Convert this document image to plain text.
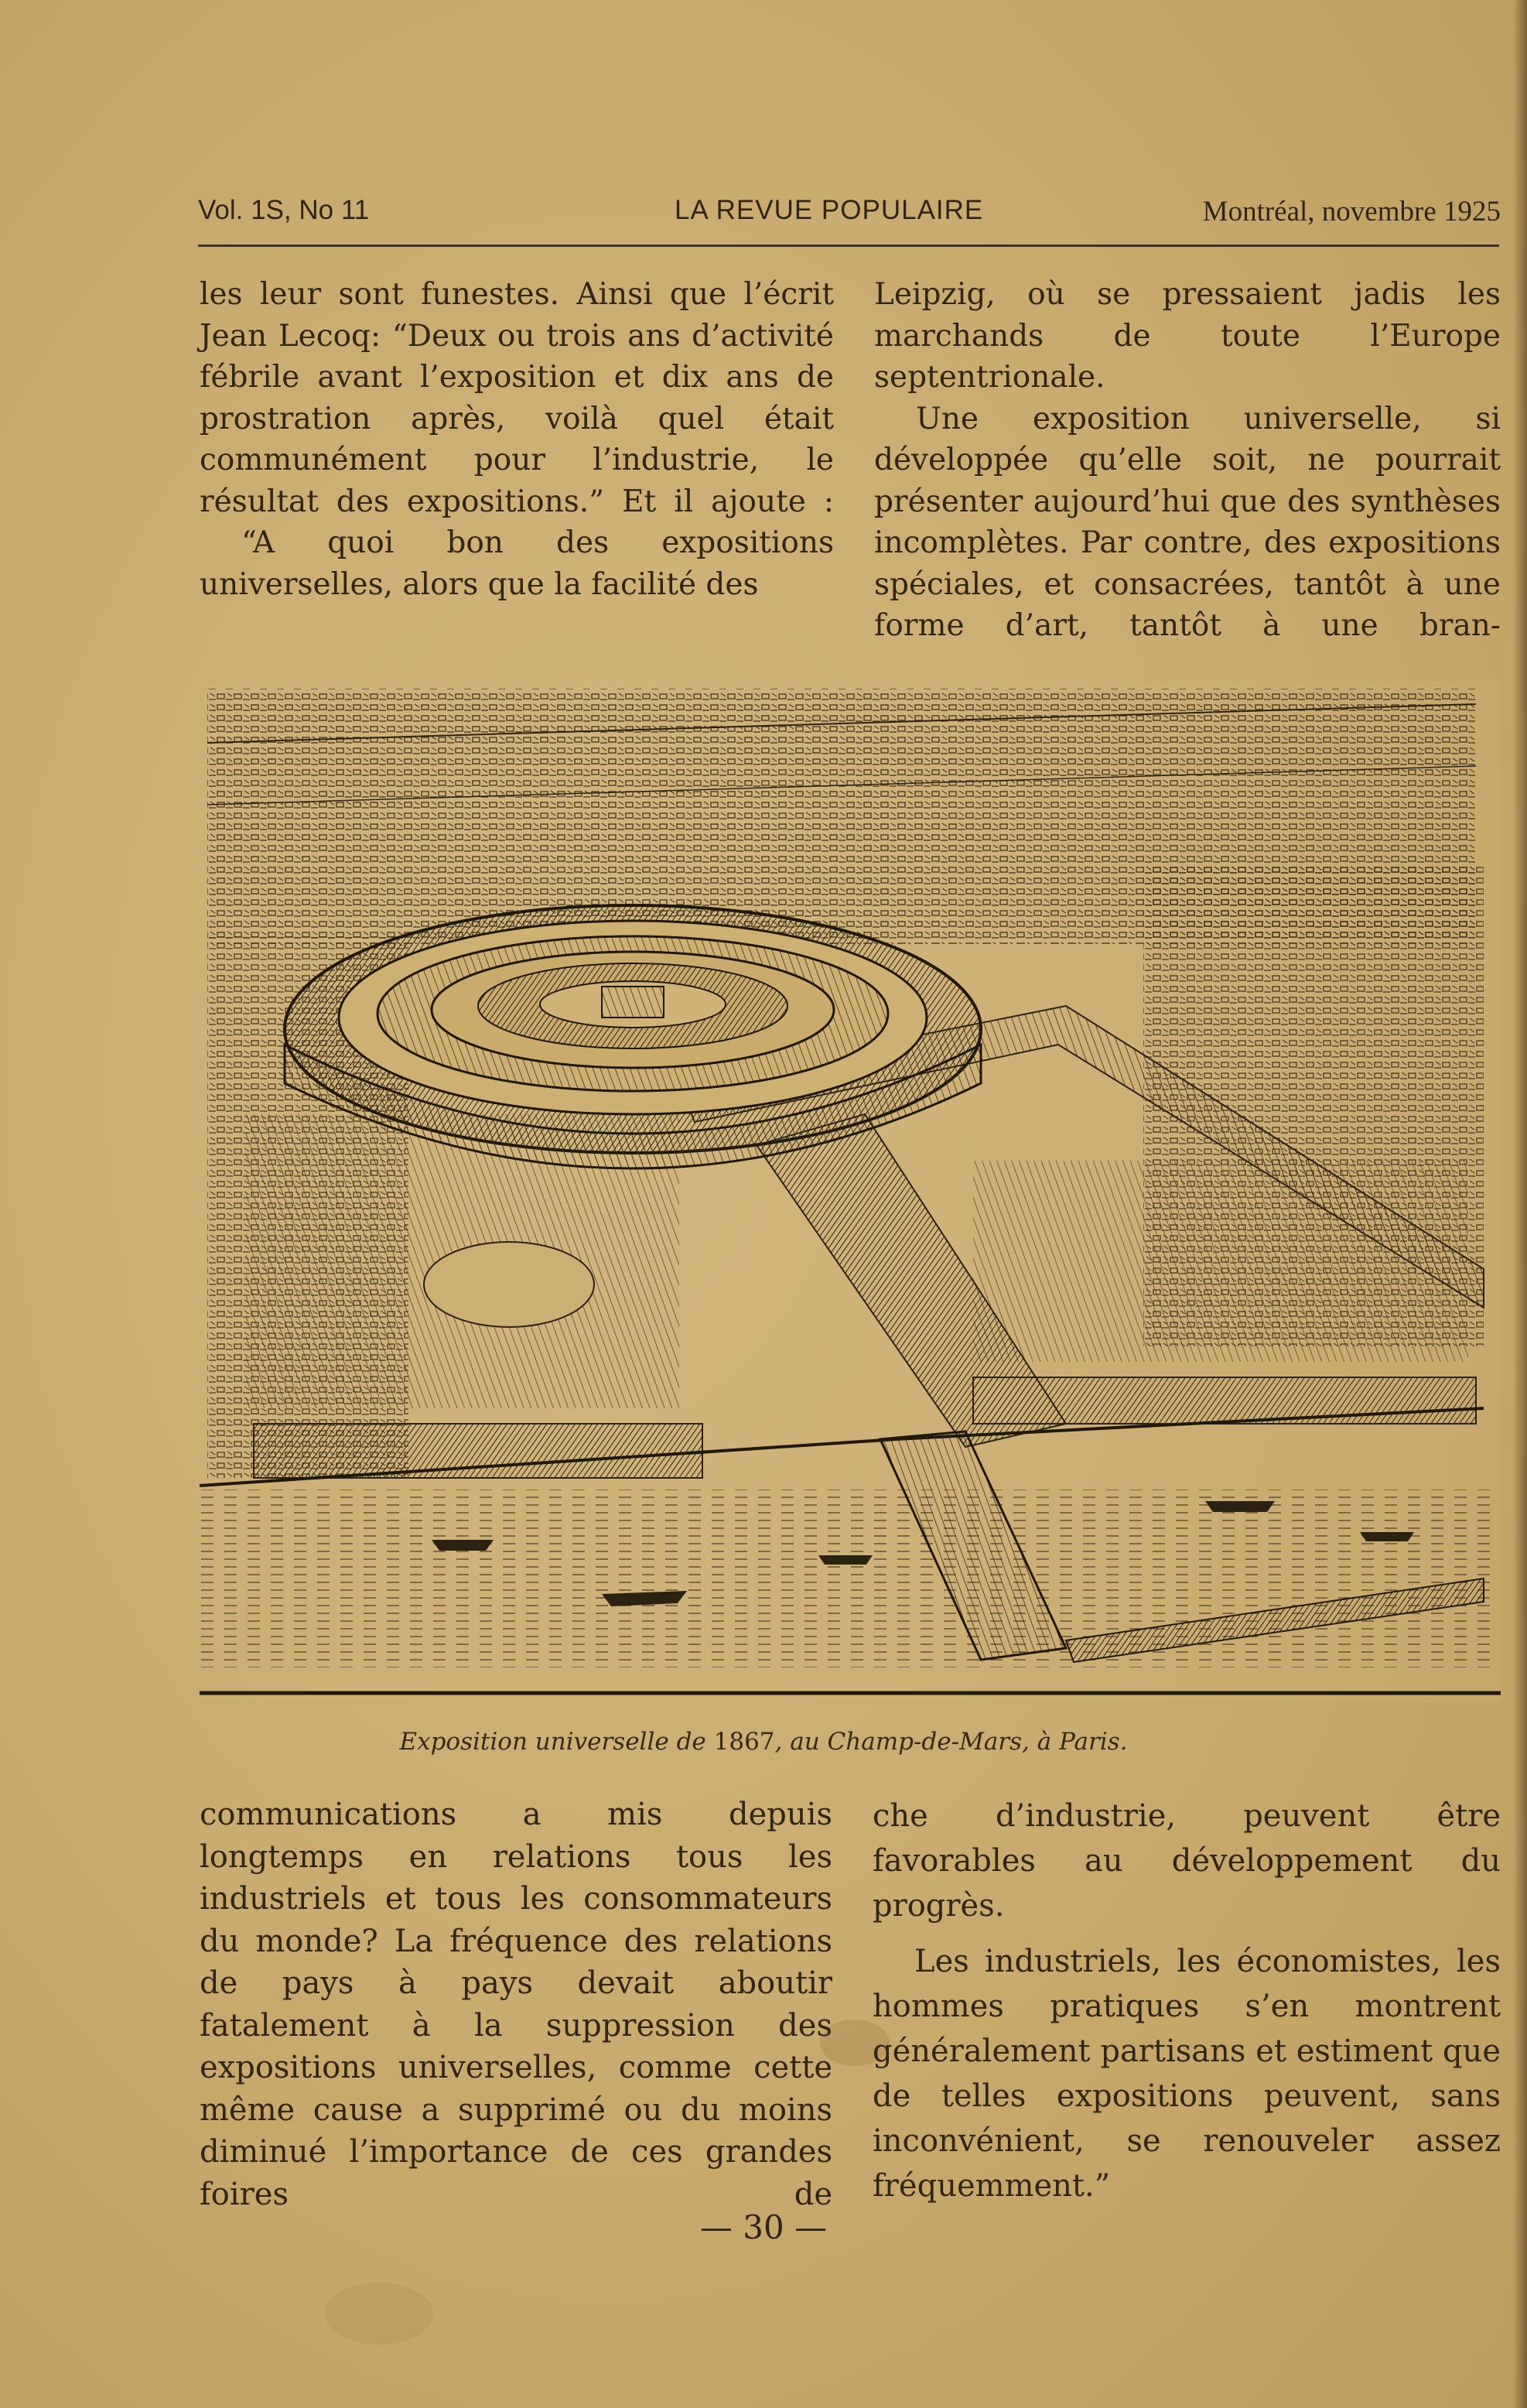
Vol. 1S, No 11	LA REVUE POPULAIRE	Montréal, novembre 1925

les leur sont funestes. Ainsi que l’écrit Jean Lecoq: “Deux ou trois ans d’activité fébrile avant l’exposition et dix ans de prostration après, voilà quel était communément pour l’industrie, le résultat des expositions.” Et il ajoute :

“A quoi bon des expositions universelles, alors que la facilité des

Leipzig, où se pressaient jadis les marchands de toute l’Europe septentrionale.

Une exposition universelle, si développée qu’elle soit, ne pourrait présenter aujourd’hui que des synthèses incomplètes. Par contre, des expositions spéciales, et consacrées, tantôt à une forme d’art, tantôt à une bran-

Exposition universelle de 1867, au Champ-de-Mars, à Paris.

communications a mis depuis longtemps en relations tous les industriels et tous les consommateurs du monde? La fréquence des relations de pays à pays devait aboutir fatalement à la suppression des expositions universelles, comme cette même cause a supprimé ou du moins diminué l’importance de ces grandes foires de

che d’industrie, peuvent être favorables au développement du progrès.

Les industriels, les économistes, les hommes pratiques s’en montrent généralement partisans et estiment que de telles expositions peuvent, sans inconvénient, se renouveler assez fréquemment.”

— 30 —
